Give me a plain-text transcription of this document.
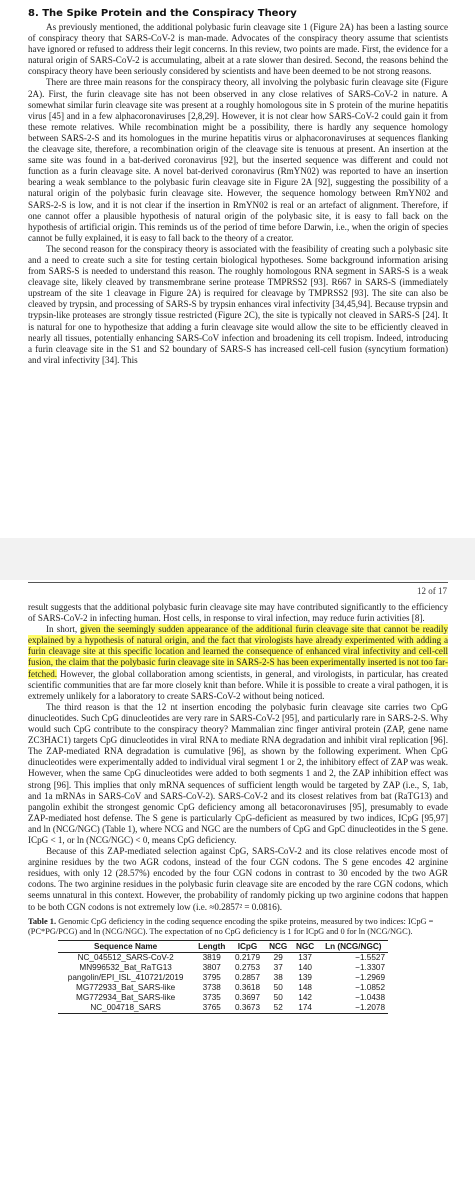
8. The Spike Protein and the Conspiracy Theory

As previously mentioned, the additional polybasic furin cleavage site 1 (Figure 2A) has been a lasting source of conspiracy theory that SARS-CoV-2 is man-made. Advocates of the conspiracy theory assume that scientists have ignored or refused to address their legit concerns. In this review, two points are made. First, the evidence for a natural origin of SARS-CoV-2 is accumulating, albeit at a rate slower than desired. Second, the reasons behind the conspiracy theory have been seriously considered by scientists and have been deemed to be not strong reasons.

There are three main reasons for the conspiracy theory, all involving the polybasic furin cleavage site (Figure 2A). First, the furin cleavage site has not been observed in any close relatives of SARS-CoV-2 in nature. A somewhat similar furin cleavage site was present at a roughly homologous site in S protein of the murine hepatitis virus [45] and in a few alphacoronaviruses [2,8,29]. However, it is not clear how SARS-CoV-2 could gain it from these remote relatives. While recombination might be a possibility, there is hardly any sequence homology between SARS-2-S and its homologues in the murine hepatitis virus or alphacoronaviruses at sequences flanking the cleavage site, therefore, a recombination origin of the cleavage site is tenuous at present. An insertion at the same site was found in a bat-derived coronavirus [92], but the inserted sequence was different and could not function as a furin cleavage site. A novel bat-derived coronavirus (RmYN02) was reported to have an insertion bearing a weak semblance to the polybasic furin cleavage site in Figure 2A [92], suggesting the possibility of a natural origin of the polybasic furin cleavage site. However, the sequence homology between RmYN02 and SARS-2-S is low, and it is not clear if the insertion in RmYN02 is real or an artefact of alignment. Therefore, if one cannot offer a plausible hypothesis of natural origin of the polybasic site, it is easy to fall back on the hypothesis of artificial origin. This reminds us of the period of time before Darwin, i.e., when the origin of species cannot be fully explained, it is easy to fall back to the theory of a creator.

The second reason for the conspiracy theory is associated with the feasibility of creating such a polybasic site and a need to create such a site for testing certain biological hypotheses. Some background information arising from SARS-S is needed to understand this reason. The roughly homologous RNA segment in SARS-S is a weak cleavage site, likely cleaved by transmembrane serine protease TMPRSS2 [93]. R667 in SARS-S (immediately upstream of the site 1 cleavage in Figure 2A) is required for cleavage by TMPRSS2 [93]. The site can also be cleaved by trypsin, and processing of SARS-S by trypsin enhances viral infectivity [34,45,94]. Because trypsin and trypsin-like proteases are strongly tissue restricted (Figure 2C), the site is typically not cleaved in SARS-S [24]. It is natural for one to hypothesize that adding a furin cleavage site would allow the site to be efficiently cleaved in nearly all tissues, potentially enhancing SARS-CoV infection and broadening its cell tropism. Indeed, introducing a furin cleavage site in the S1 and S2 boundary of SARS-S has increased cell-cell fusion (syncytium formation) and viral infectivity [34]. This

12 of 17

result suggests that the additional polybasic furin cleavage site may have contributed significantly to the efficiency of SARS-CoV-2 in infecting human. Host cells, in response to viral infection, may reduce furin activities [8].

In short, given the seemingly sudden appearance of the additional furin cleavage site that cannot be readily explained by a hypothesis of natural origin, and the fact that virologists have already experimented with adding a furin cleavage site at this specific location and learned the consequence of enhanced viral infectivity and cell-cell fusion, the claim that the polybasic furin cleavage site in SARS-2-S has been experimentally inserted is not too far-fetched. However, the global collaboration among scientists, in general, and virologists, in particular, has created scientific communities that are far more closely knit than before. While it is possible to create a viral pathogen, it is extremely unlikely for a laboratory to create SARS-CoV-2 without being noticed.

The third reason is that the 12 nt insertion encoding the polybasic furin cleavage site carries two CpG dinucleotides. Such CpG dinucleotides are very rare in SARS-CoV-2 [95], and particularly rare in SARS-2-S. Why would such CpG contribute to the conspiracy theory? Mammalian zinc finger antiviral protein (ZAP, gene name ZC3HAC1) targets CpG dinucleotides in viral RNA to mediate RNA degradation and inhibit viral replication [96]. The ZAP-mediated RNA degradation is cumulative [96], as shown by the following experiment. When CpG dinucleotides were experimentally added to individual viral segment 1 or 2, the inhibitory effect of ZAP was weak. However, when the same CpG dinucleotides were added to both segments 1 and 2, the ZAP inhibition effect was strong [96]. This implies that only mRNA sequences of sufficient length would be targeted by ZAP (i.e., S, 1ab, and 1a mRNAs in SARS-CoV and SARS-CoV-2). SARS-CoV-2 and its closest relatives from bat (RaTG13) and pangolin exhibit the strongest genomic CpG deficiency among all betacoronaviruses [95], presumably to evade ZAP-mediated host defense. The S gene is particularly CpG-deficient as measured by two indices, ICpG [95,97] and ln (NCG/NGC) (Table 1), where NCG and NGC are the numbers of CpG and GpC dinucleotides in the S gene. ICpG < 1, or ln (NCG/NGC) < 0, means CpG deficiency.

Because of this ZAP-mediated selection against CpG, SARS-CoV-2 and its close relatives encode most of arginine residues by the two AGR codons, instead of the four CGN codons. The S gene encodes 42 arginine residues, with only 12 (28.57%) encoded by the four CGN codons in contrast to 30 encoded by the two AGR codons. The two arginine residues in the polybasic furin cleavage site are encoded by the rare CGN codons, which seems unnatural in this context. However, the probability of randomly picking up two arginine codons that happen to be both CGN codons is not extremely low (i.e. ≈0.2857² = 0.0816).

Table 1. Genomic CpG deficiency in the coding sequence encoding the spike proteins, measured by two indices: ICpG = (PC*PG/PCG) and ln (NCG/NGC). The expectation of no CpG deficiency is 1 for ICpG and 0 for ln (NCG/NGC).

Sequence Name	Length	ICpG	NCG	NGC	Ln (NCG/NGC)
NC_045512_SARS-CoV-2	3819	0.2179	29	137	−1.5527
MN996532_Bat_RaTG13	3807	0.2753	37	140	−1.3307
pangolin/EPI_ISL_410721/2019	3795	0.2857	38	139	−1.2969
MG772933_Bat_SARS-like	3738	0.3618	50	148	−1.0852
MG772934_Bat_SARS-like	3735	0.3697	50	142	−1.0438
NC_004718_SARS	3765	0.3673	52	174	−1.2078
